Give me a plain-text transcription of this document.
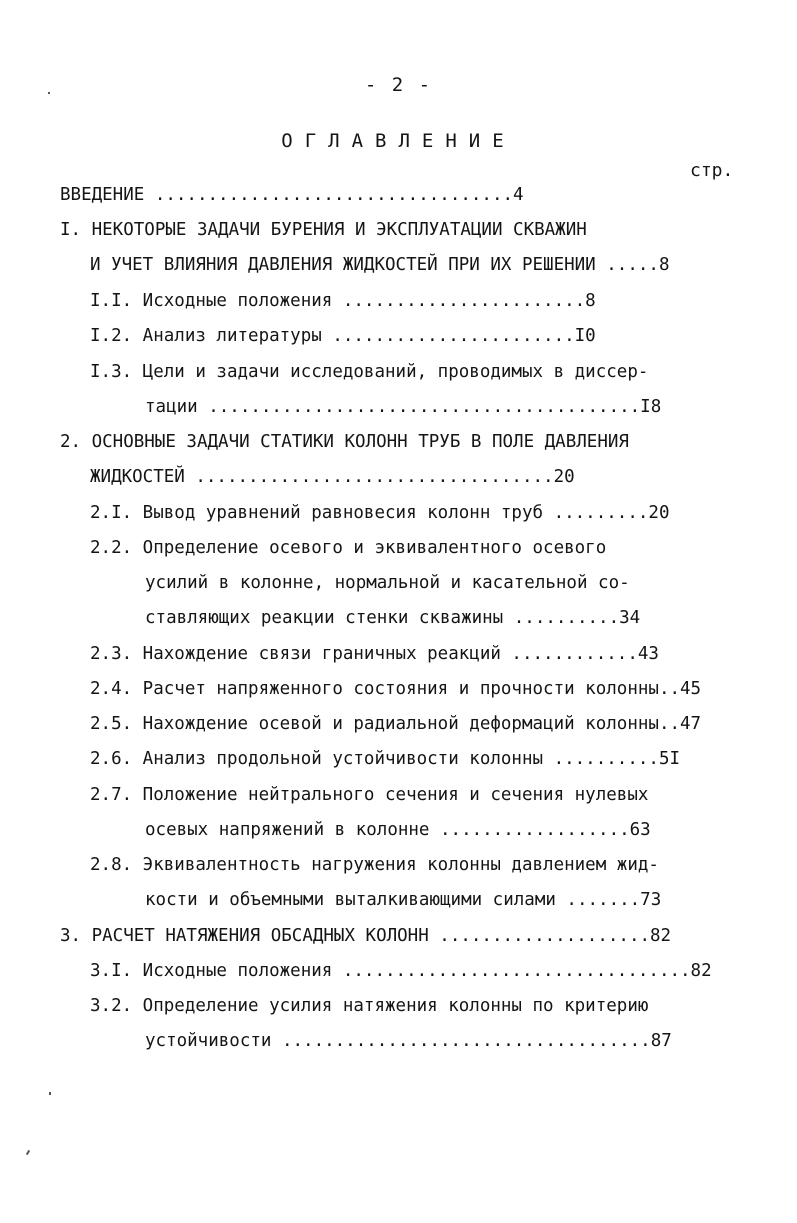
- 2 -
ОГЛАВЛЕНИЕ
стр.
ВВЕДЕНИЕ ..................................4
I. НЕКОТОРЫЕ ЗАДАЧИ БУРЕНИЯ И ЭКСПЛУАТАЦИИ СКВАЖИН
И УЧЕТ ВЛИЯНИЯ ДАВЛЕНИЯ ЖИДКОСТЕЙ ПРИ ИХ РЕШЕНИИ .....8
I.I. Исходные положения .......................8
I.2. Анализ литературы .......................I0
I.3. Цели и задачи исследований, проводимых в диссер-
тации .........................................I8
2. ОСНОВНЫЕ ЗАДАЧИ СТАТИКИ КОЛОНН ТРУБ В ПОЛЕ ДАВЛЕНИЯ
ЖИДКОСТЕЙ ..................................20
2.I. Вывод уравнений равновесия колонн труб .........20
2.2. Определение осевого и эквивалентного осевого
усилий в колонне, нормальной и касательной со-
ставляющих реакции стенки скважины ..........34
2.3. Нахождение связи граничных реакций ............43
2.4. Расчет напряженного состояния и прочности колонны..45
2.5. Нахождение осевой и радиальной деформаций колонны..47
2.6. Анализ продольной устойчивости колонны ..........5I
2.7. Положение нейтрального сечения и сечения нулевых
осевых напряжений в колонне ..................63
2.8. Эквивалентность нагружения колонны давлением жид-
кости и объемными выталкивающими силами .......73
3. РАСЧЕТ НАТЯЖЕНИЯ ОБСАДНЫХ КОЛОНН ....................82
3.I. Исходные положения .................................82
3.2. Определение усилия натяжения колонны по критерию
устойчивости ...................................87
